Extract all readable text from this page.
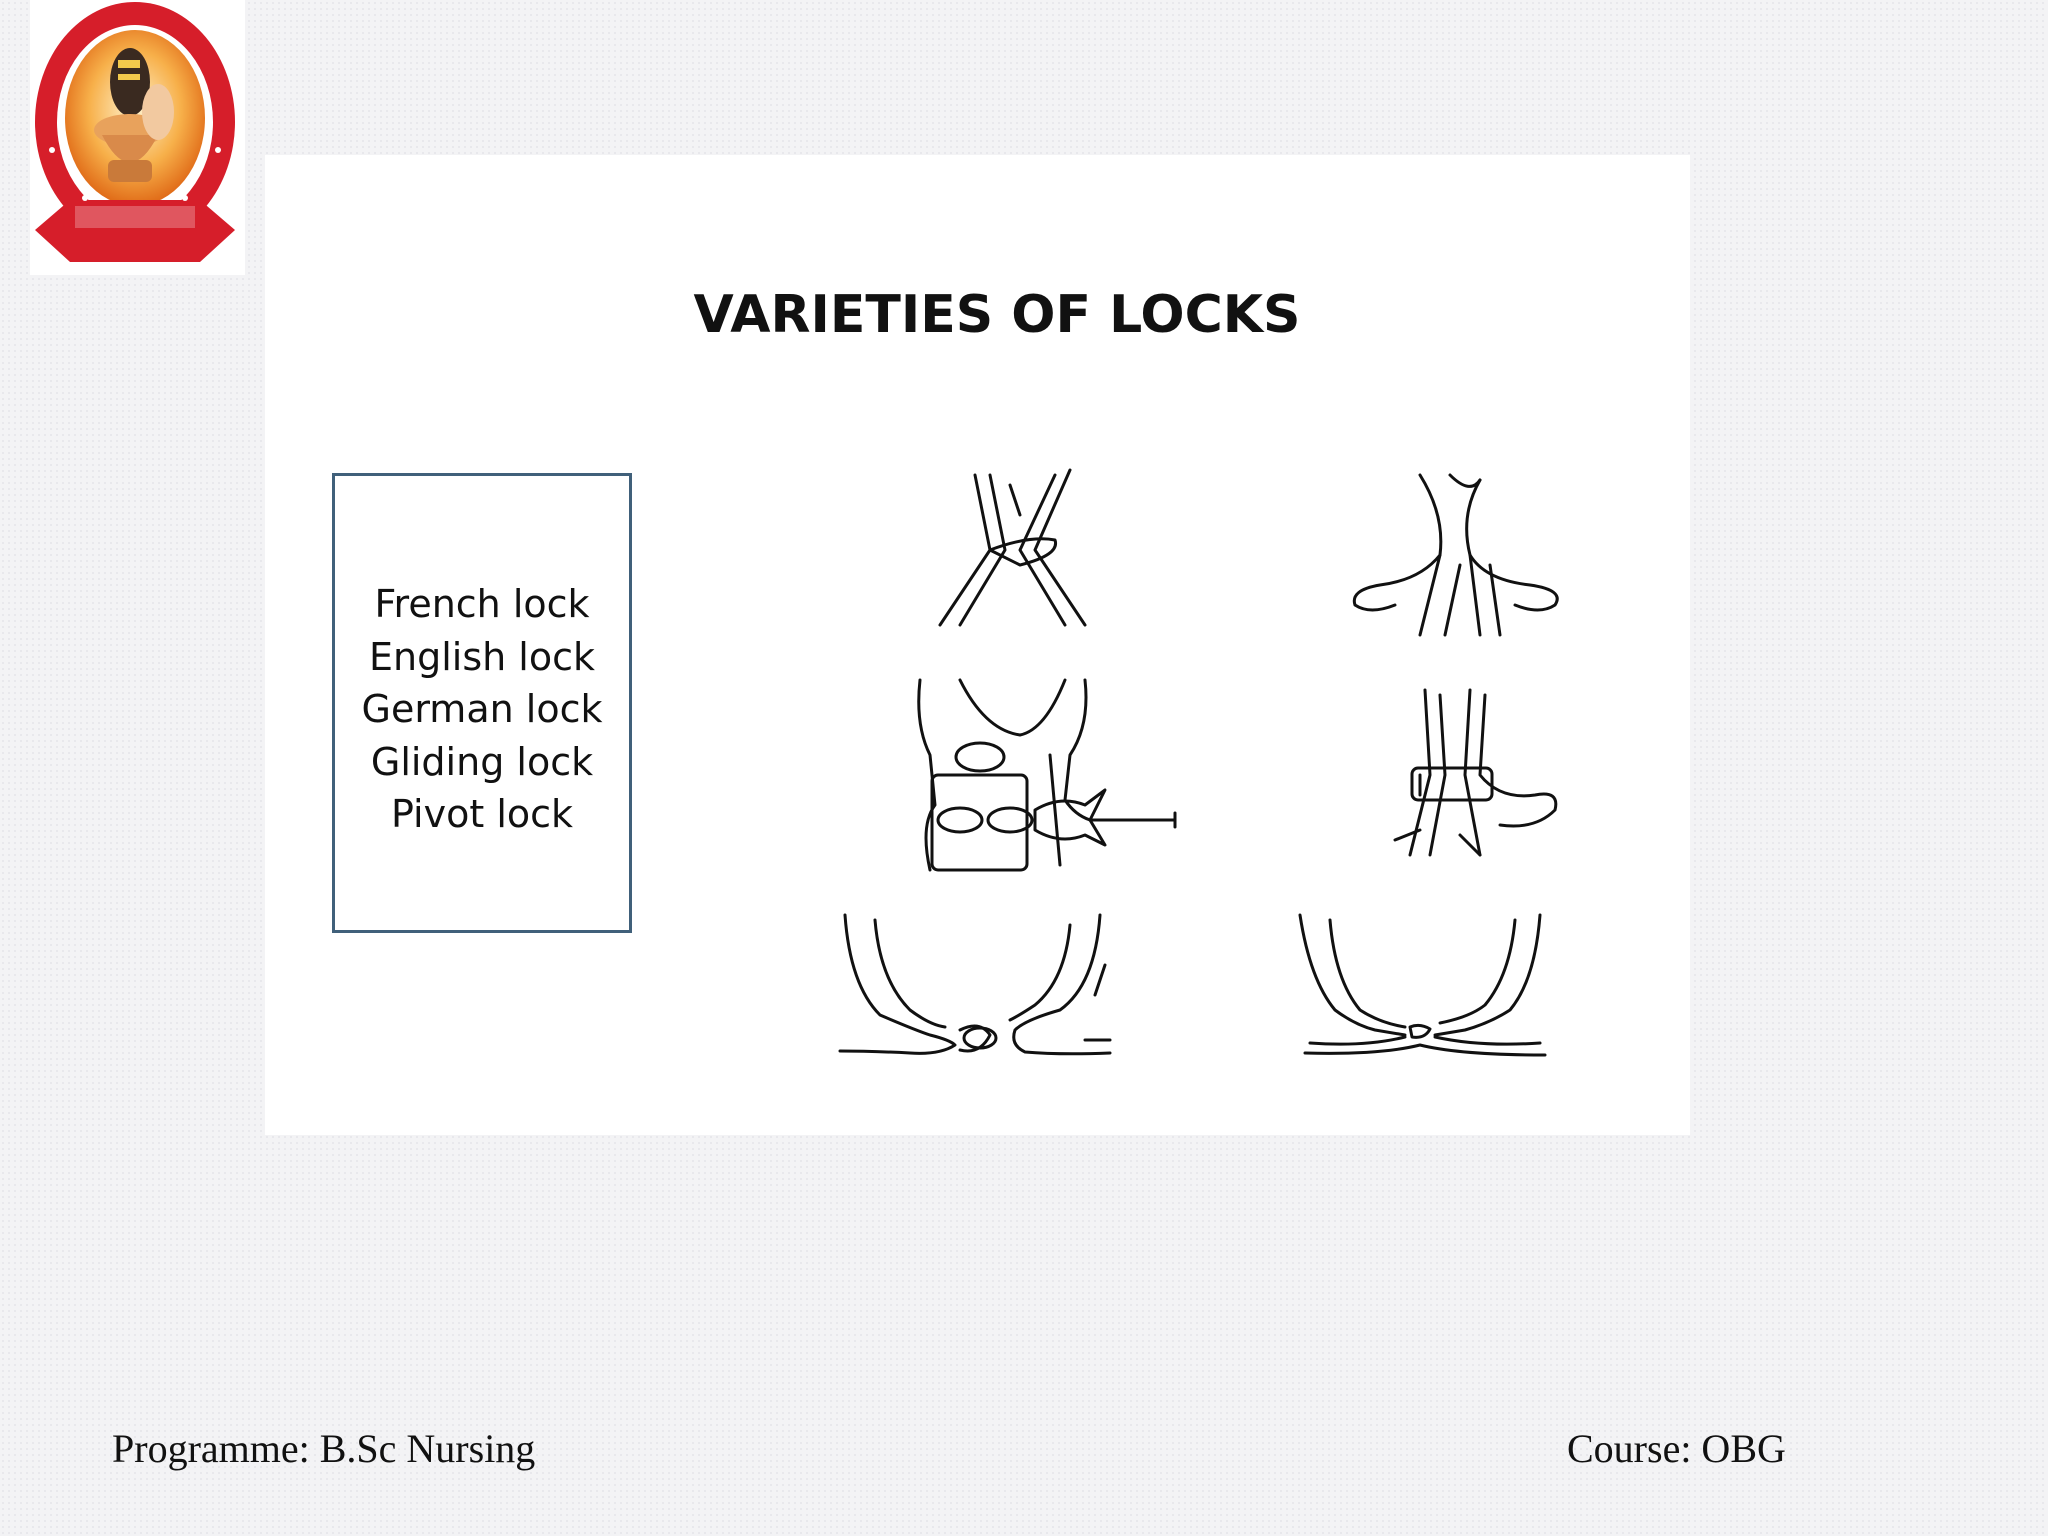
VARIETIES OF LOCKS
French lock
English lock
German lock
Gliding lock
Pivot lock
Programme: B.Sc Nursing	Course: OBG
